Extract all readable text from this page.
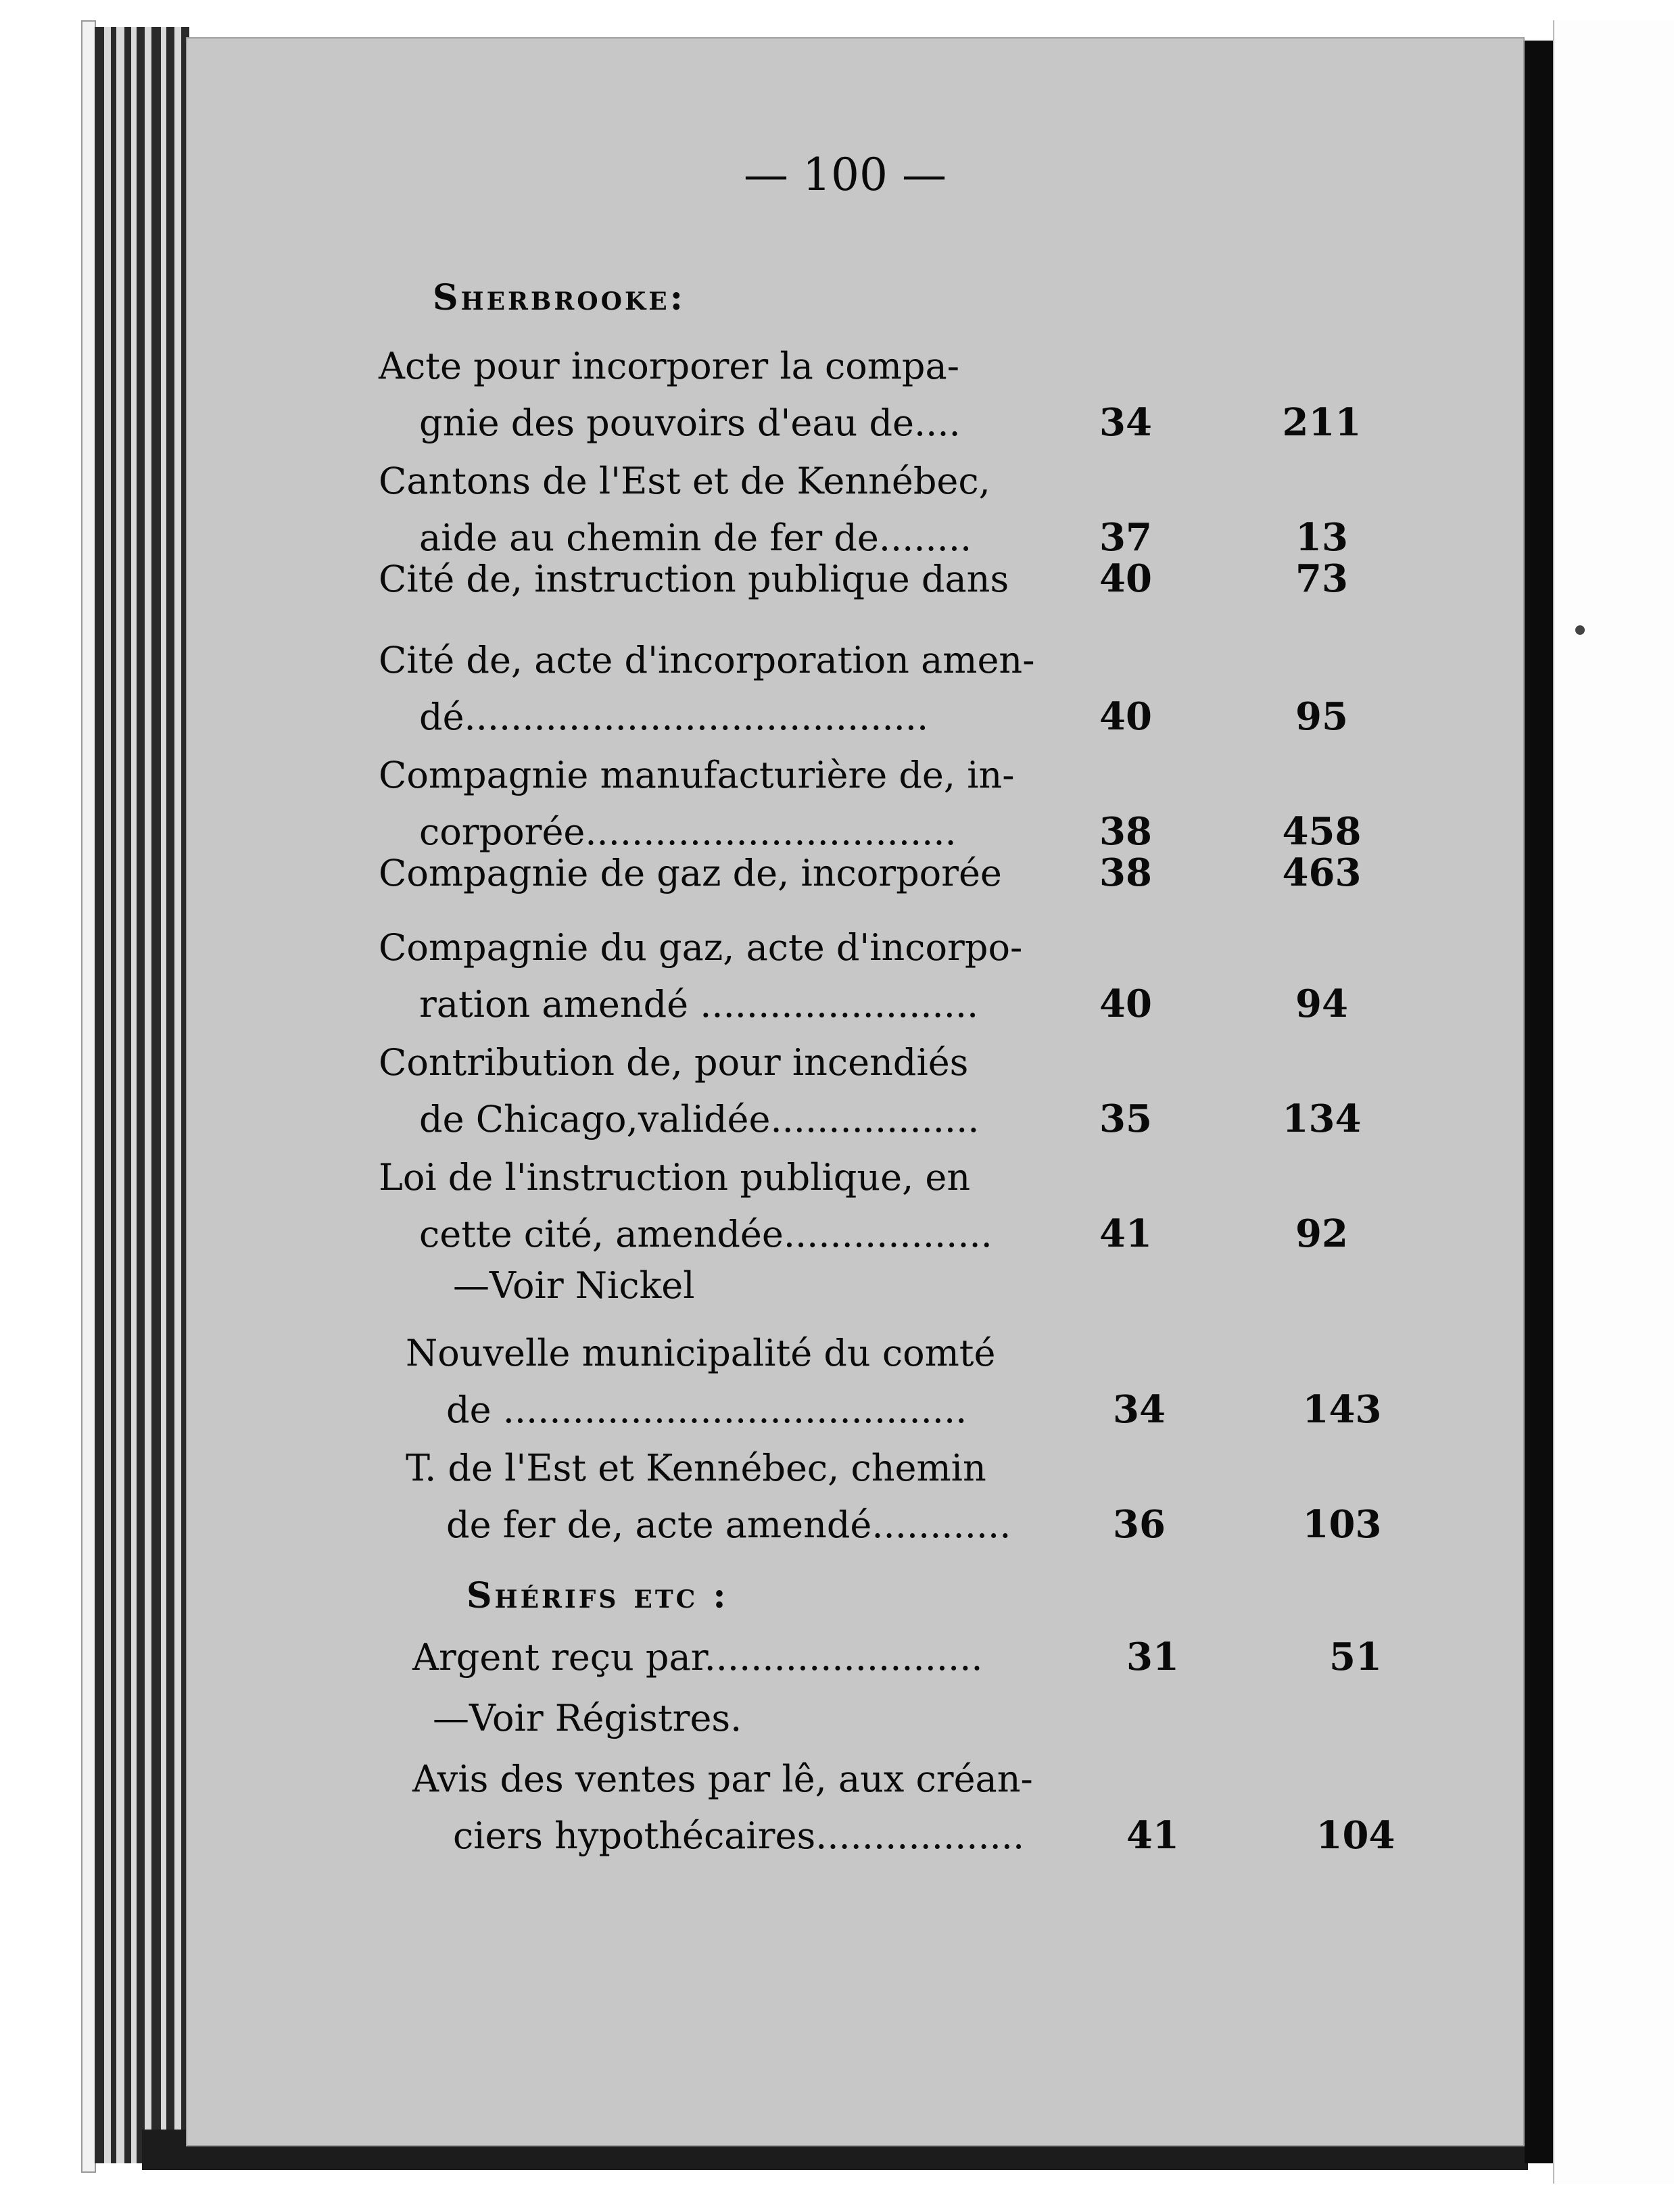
— 100 —
Sherbrooke:
Acte pour incorporer la compa-
gnie des pouvoirs d'eau de....	34	211
Cantons de l'Est et de Kennébec,
aide au chemin de fer de........	37	13
Cité de, instruction publique dans	40	73
Cité de, acte d'incorporation amen-
dé........................................	40	95
Compagnie manufacturière de, in-
corporée................................	38	458
Compagnie de gaz de, incorporée	38	463
Compagnie du gaz, acte d'incorpo-
ration amendé ........................	40	94
Contribution de, pour incendiés
de Chicago,validée..................	35	134
Loi de l'instruction publique, en
cette cité, amendée..................	41	92
—Voir Nickel
Nouvelle municipalité du comté
de ........................................	34	143
T. de l'Est et Kennébec, chemin
de fer de, acte amendé............	36	103
Shérifs etc :
Argent reçu par........................	31	51
—Voir Régistres.
Avis des ventes par lê, aux créan-
ciers hypothécaires..................	41	104
